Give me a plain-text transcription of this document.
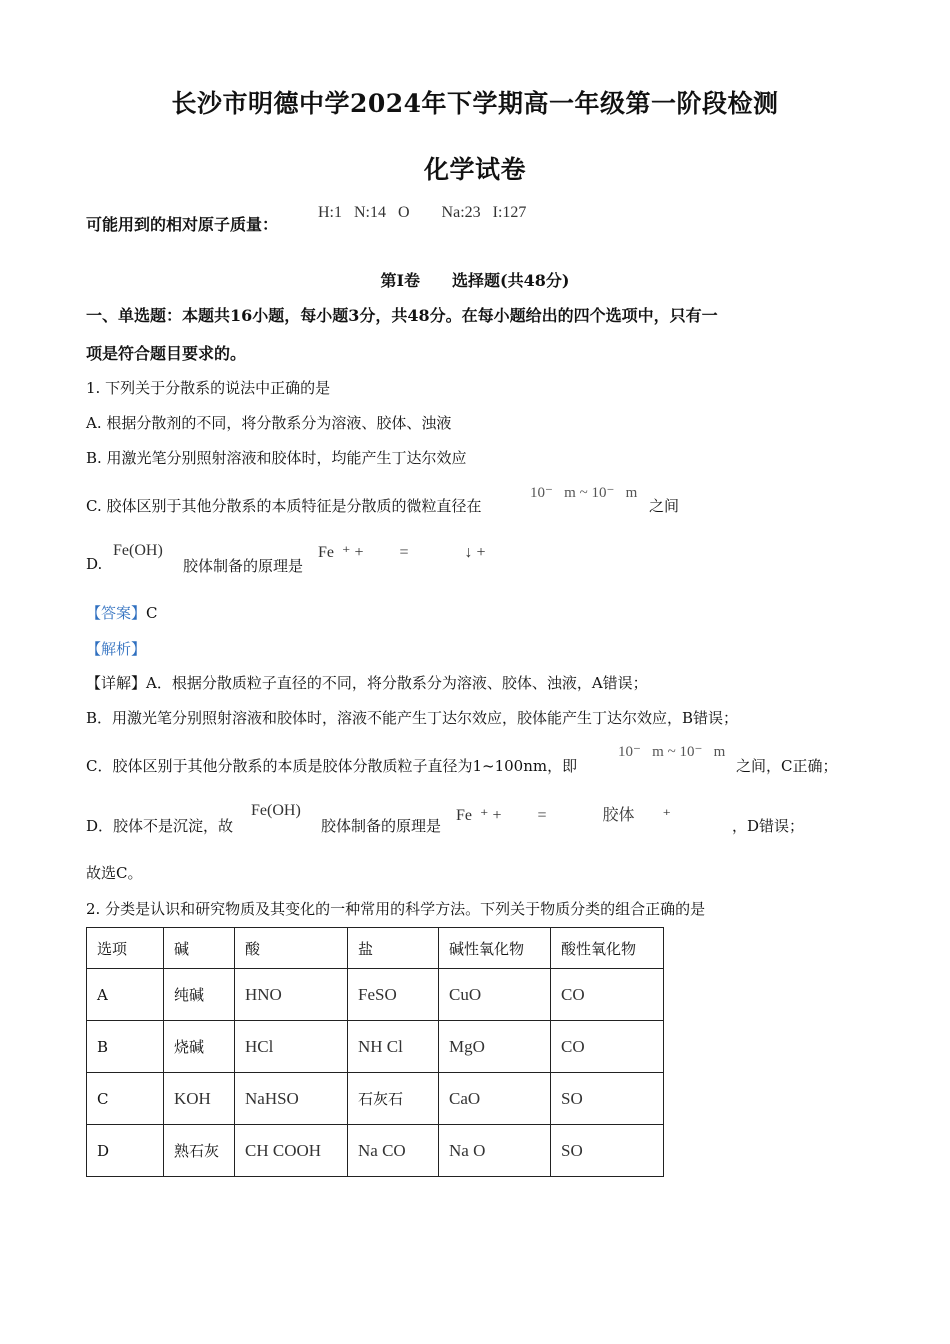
长沙市明德中学2024年下学期高一年级第一阶段检测
化学试卷
可能用到的相对原子质量：
H:1   N:14   O        Na:23   I:127
第I卷　　选择题(共48分)
一、单选题：本题共16小题，每小题3分，共48分。在每小题给出的四个选项中，只有一
项是符合题目要求的。
1. 下列关于分散系的说法中正确的是
A. 根据分散剂的不同，将分散系分为溶液、胶体、浊液
B. 用激光笔分别照射溶液和胶体时，均能产生丁达尔效应
C. 胶体区别于其他分散系的本质特征是分散质的微粒直径在
10⁻   m ~ 10⁻   m
之间
D.
Fe(OH)
胶体制备的原理是
Fe  ⁺ +         =              ↓ +
【答案】C
【解析】
【详解】A．根据分散质粒子直径的不同，将分散系分为溶液、胶体、浊液，A错误；
B．用激光笔分别照射溶液和胶体时，溶液不能产生丁达尔效应，胶体能产生丁达尔效应，B错误；
C．胶体区别于其他分散系的本质是胶体分散质粒子直径为1~100nm，即
10⁻   m ~ 10⁻   m
之间，C正确；
D．胶体不是沉淀，故
Fe(OH)
胶体制备的原理是
Fe  ⁺ +         =              胶体       ⁺
，D错误；
故选C。
2. 分类是认识和研究物质及其变化的一种常用的科学方法。下列关于物质分类的组合正确的是
选项	碱	酸	盐	碱性氧化物	酸性氧化物
A	纯碱	HNO	FeSO	CuO	CO
B	烧碱	HCl	NH Cl	MgO	CO
C	KOH	NaHSO	石灰石	CaO	SO
D	熟石灰	CH COOH	Na CO	Na O	SO
